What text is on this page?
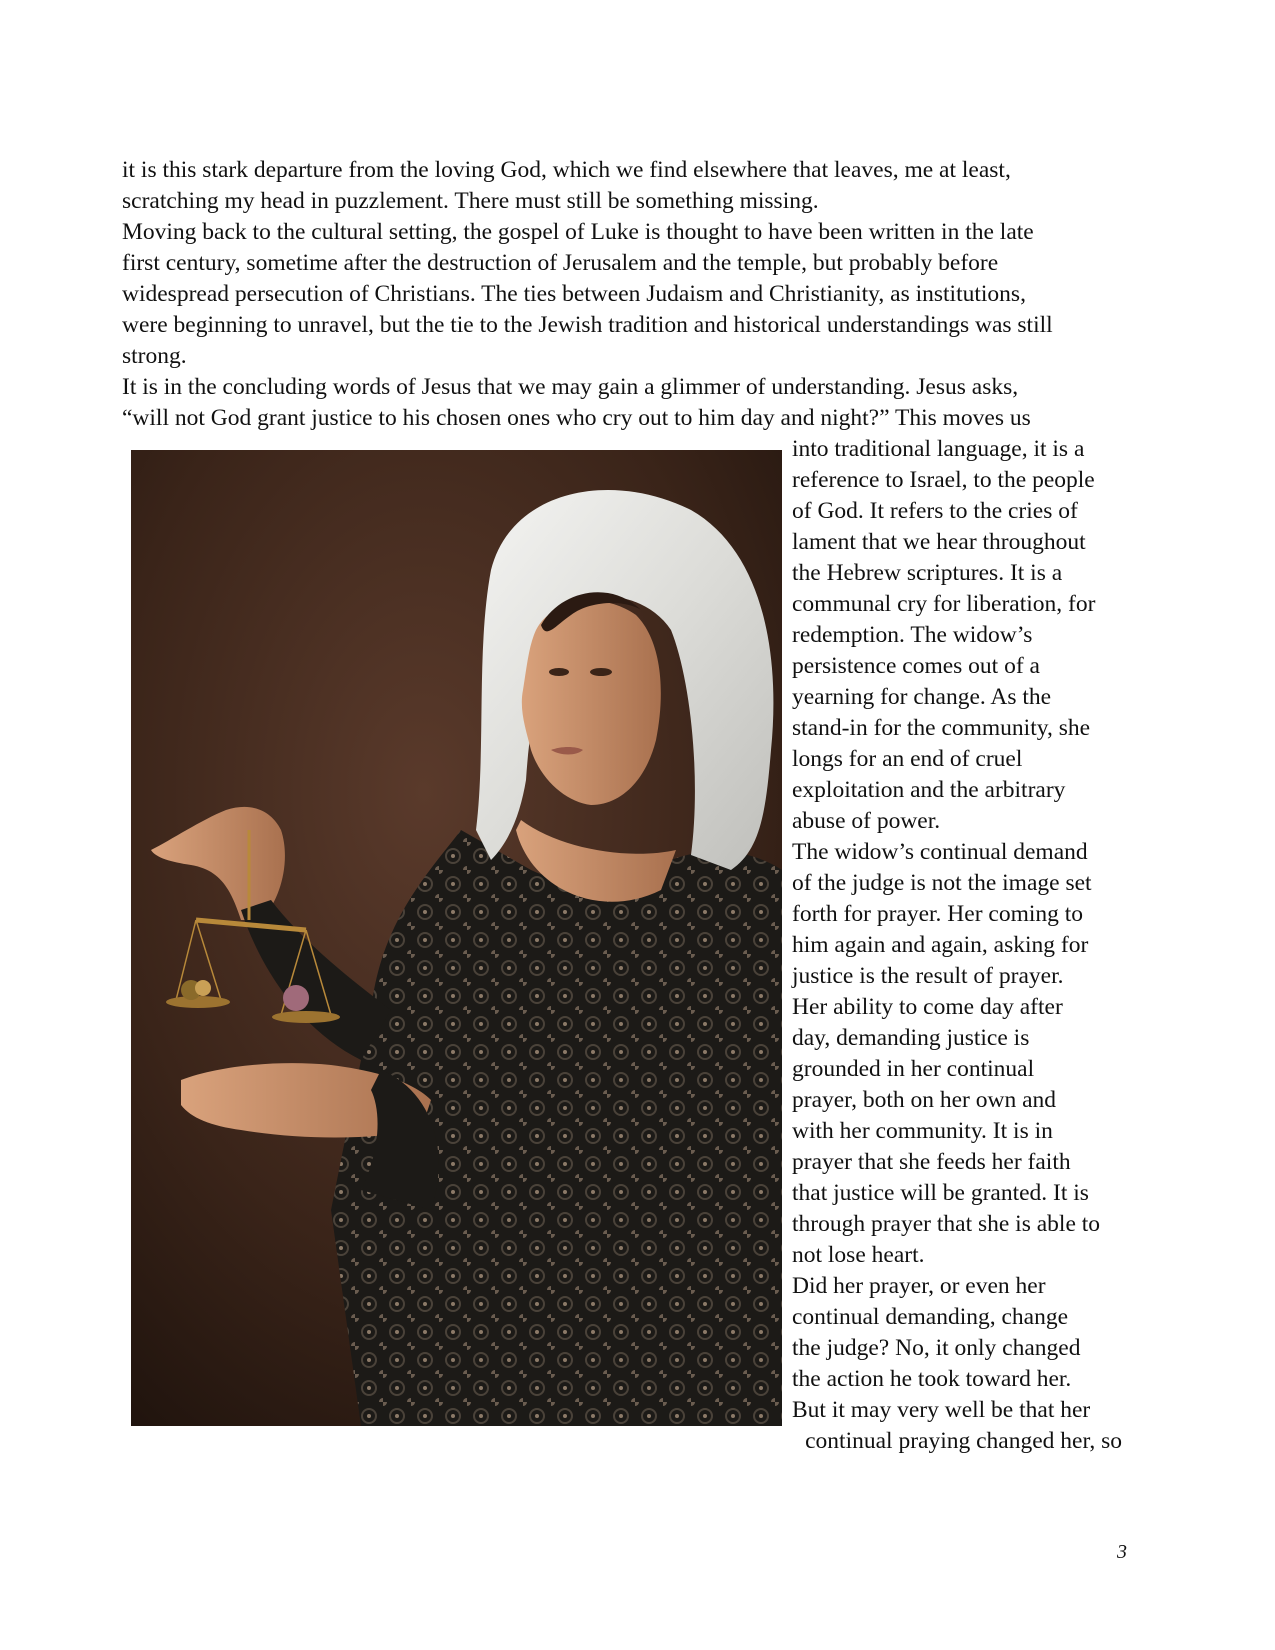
it is this stark departure from the loving God, which we find elsewhere that leaves, me at least,
scratching my head in puzzlement. There must still be something missing.
Moving back to the cultural setting, the gospel of Luke is thought to have been written in the late
first century, sometime after the destruction of Jerusalem and the temple, but probably before
widespread persecution of Christians. The ties between Judaism and Christianity, as institutions,
were beginning to unravel, but the tie to the Jewish tradition and historical understandings was still
strong.
It is in the concluding words of Jesus that we may gain a glimmer of understanding. Jesus asks,
“will not God grant justice to his chosen ones who cry out to him day and night?” This moves us
into traditional language, it is a
reference to Israel, to the people
of God. It refers to the cries of
lament that we hear throughout
the Hebrew scriptures. It is a
communal cry for liberation, for
redemption. The widow’s
persistence comes out of a
yearning for change. As the
stand-in for the community, she
longs for an end of cruel
exploitation and the arbitrary
abuse of power.
The widow’s continual demand
of the judge is not the image set
forth for prayer. Her coming to
him again and again, asking for
justice is the result of prayer.
Her ability to come day after
day, demanding justice is
grounded in her continual
prayer, both on her own and
with her community. It is in
prayer that she feeds her faith
that justice will be granted. It is
through prayer that she is able to
not lose heart.
Did her prayer, or even her
continual demanding, change
the judge? No, it only changed
the action he took toward her.
But it may very well be that her
continual praying changed her, so
3
